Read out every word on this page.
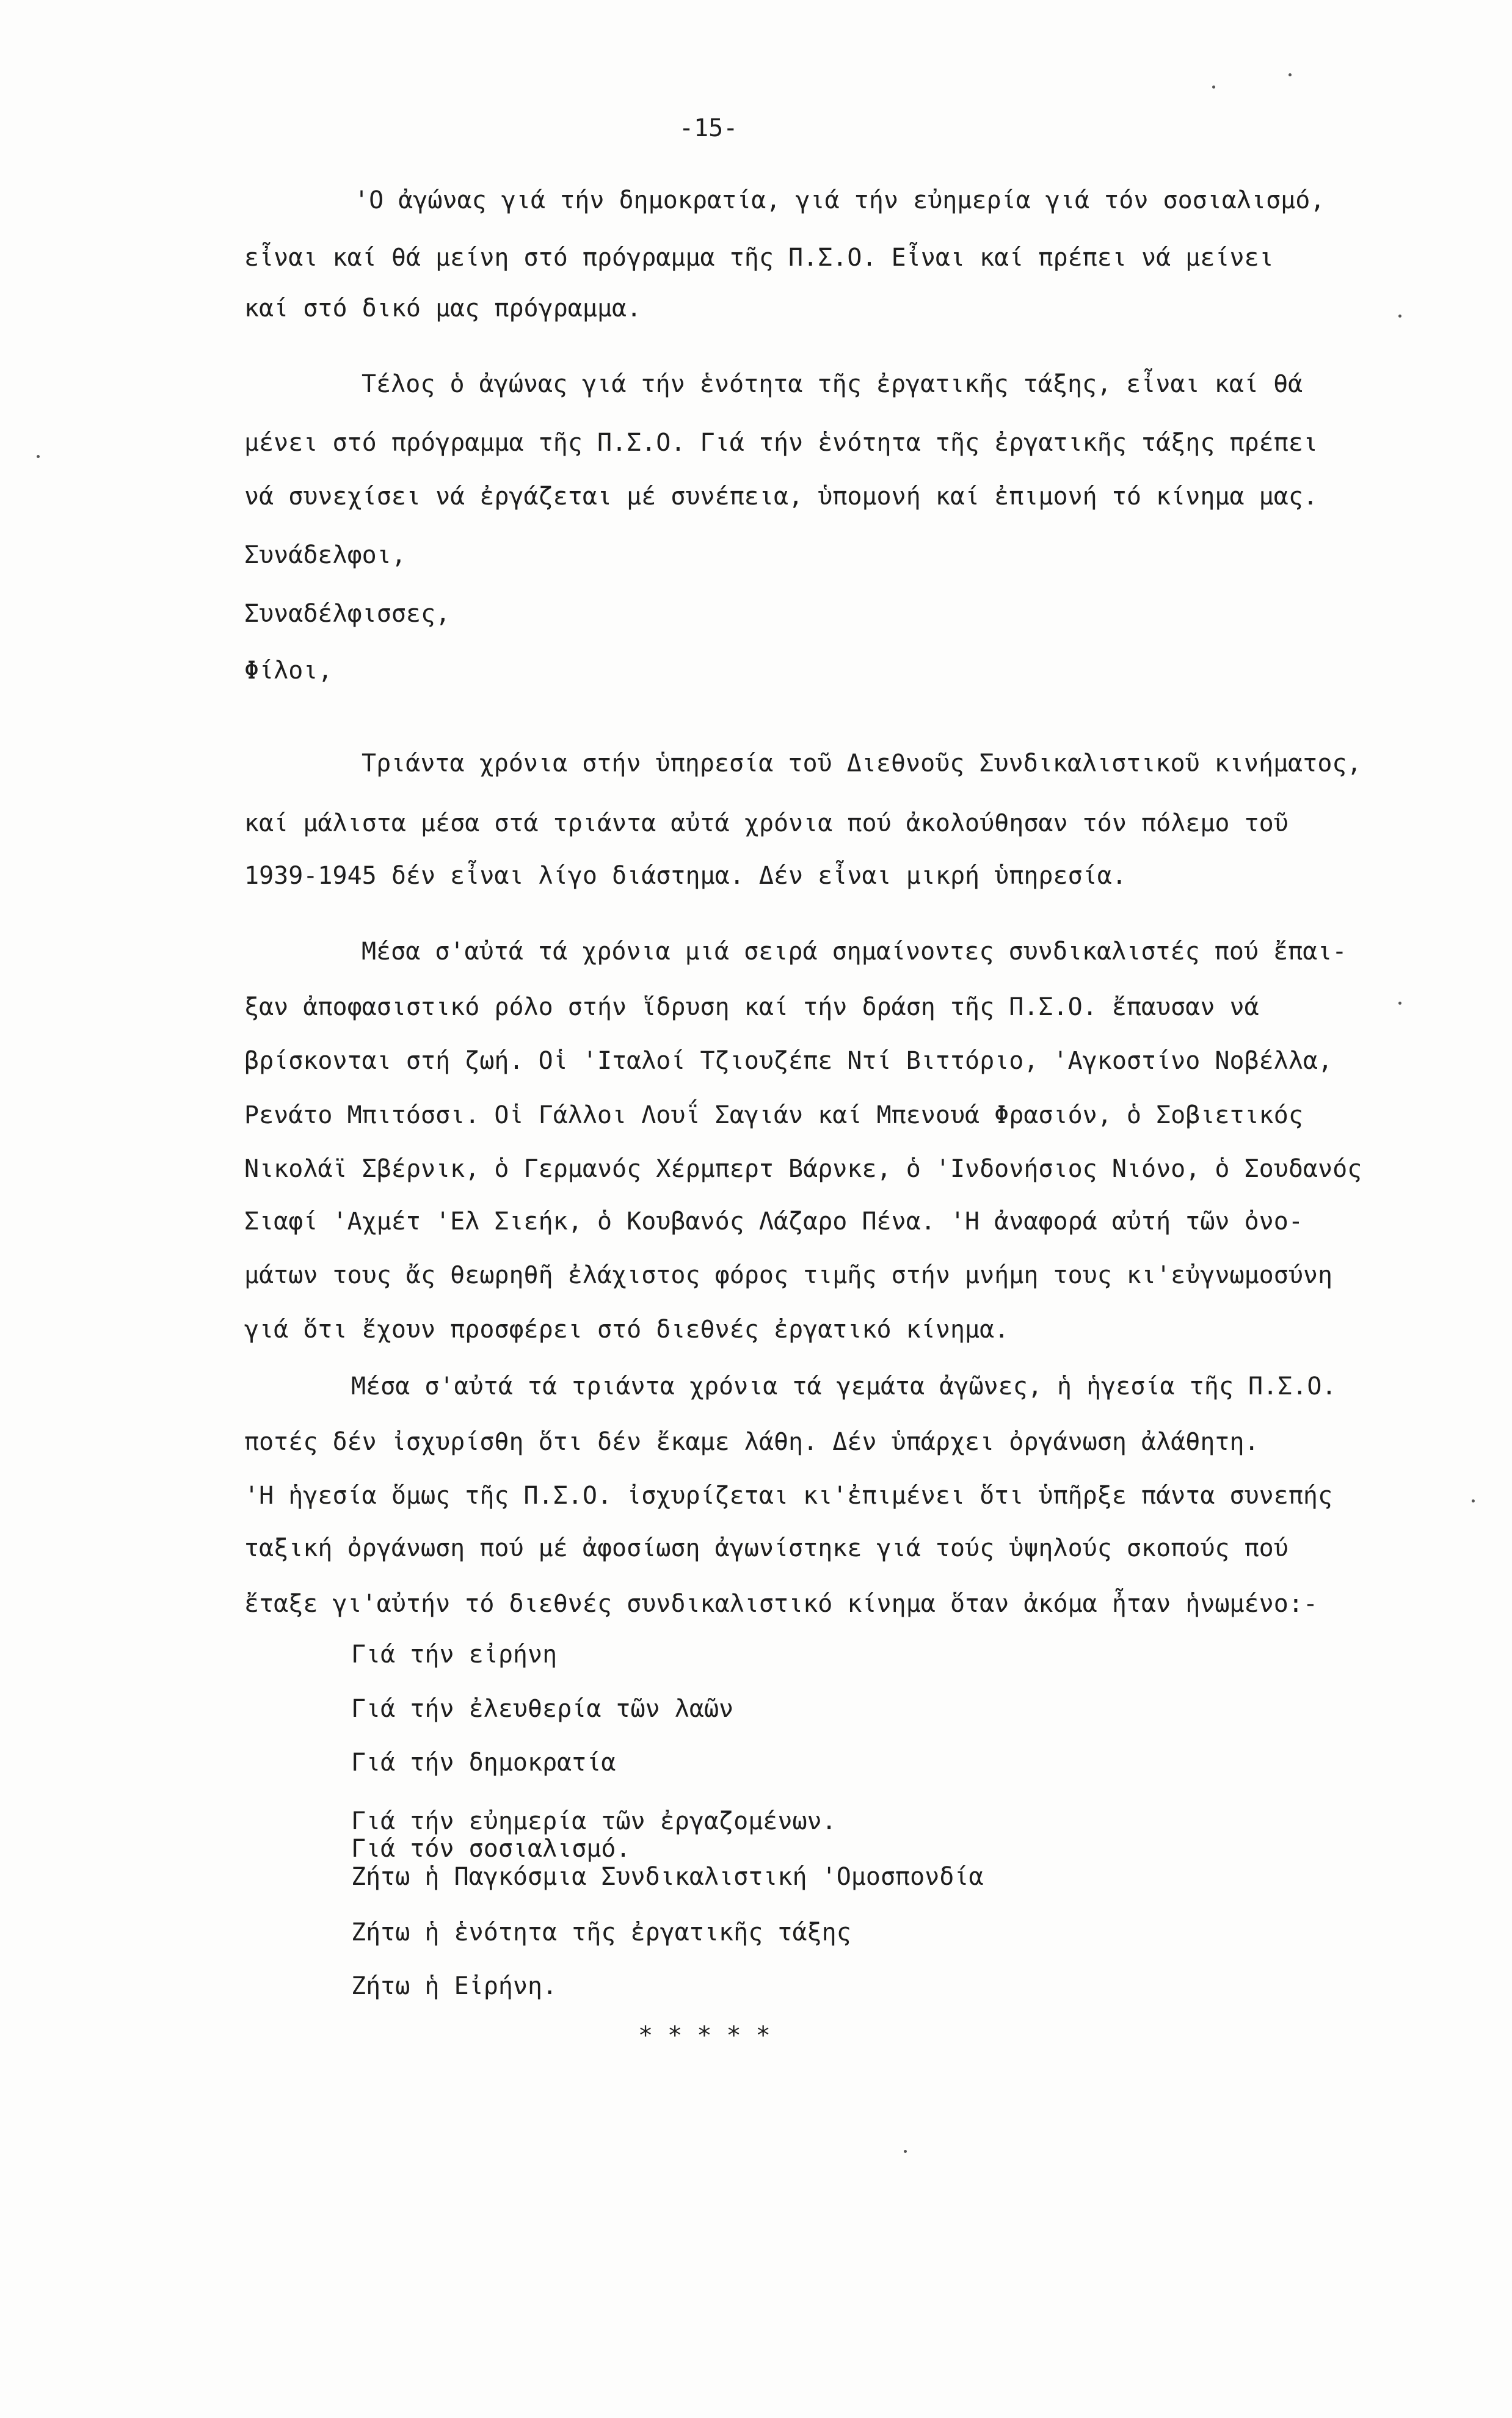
-15-
'Ο ἀγώνας γιά τήν δημοκρατία, γιά τήν εὐημερία γιά τόν σοσιαλισμό,
εἶναι καί θά μείνη στό πρόγραμμα τῆς Π.Σ.Ο. Εἶναι καί πρέπει νά μείνει
καί στό δικό μας πρόγραμμα.
Τέλος ὁ ἀγώνας γιά τήν ἑνότητα τῆς ἐργατικῆς τάξης, εἶναι καί θά
μένει στό πρόγραμμα τῆς Π.Σ.Ο. Γιά τήν ἑνότητα τῆς ἐργατικῆς τάξης πρέπει
νά συνεχίσει νά ἐργάζεται μέ συνέπεια, ὑπομονή καί ἐπιμονή τό κίνημα μας.
Συνάδελφοι,
Συναδέλφισσες,
Φίλοι,
Τριάντα χρόνια στήν ὑπηρεσία τοῦ Διεθνοῦς Συνδικαλιστικοῦ κινήματος,
καί μάλιστα μέσα στά τριάντα αὐτά χρόνια πού ἀκολούθησαν τόν πόλεμο τοῦ
1939-1945 δέν εἶναι λίγο διάστημα. Δέν εἶναι μικρή ὑπηρεσία.
Μέσα σ'αὐτά τά χρόνια μιά σειρά σημαίνοντες συνδικαλιστές πού ἔπαι-
ξαν ἀποφασιστικό ρόλο στήν ἵδρυση καί τήν δράση τῆς Π.Σ.Ο. ἔπαυσαν νά
βρίσκονται στή ζωή. Οἱ 'Ιταλοί Τζιουζέπε Ντί Βιττόριο, 'Αγκοστίνο Νοβέλλα,
Ρενάτο Μπιτόσσι. Οἱ Γάλλοι Λουΐ Σαγιάν καί Μπενουά Φρασιόν, ὁ Σοβιετικός
Νικολάϊ Σβέρνικ, ὁ Γερμανός Χέρμπερτ Βάρνκε, ὁ 'Ινδονήσιος Νιόνο, ὁ Σουδανός
Σιαφί 'Αχμέτ 'Ελ Σιεήκ, ὁ Κουβανός Λάζαρο Πένα. 'Η ἀναφορά αὐτή τῶν ὀνο-
μάτων τους ἄς θεωρηθῆ ἐλάχιστος φόρος τιμῆς στήν μνήμη τους κι'εὐγνωμοσύνη
γιά ὅτι ἔχουν προσφέρει στό διεθνές ἐργατικό κίνημα.
Μέσα σ'αὐτά τά τριάντα χρόνια τά γεμάτα ἀγῶνες, ἡ ἡγεσία τῆς Π.Σ.Ο.
ποτές δέν ἰσχυρίσθη ὅτι δέν ἔκαμε λάθη. Δέν ὑπάρχει ὀργάνωση ἀλάθητη.
'Η ἡγεσία ὅμως τῆς Π.Σ.Ο. ἰσχυρίζεται κι'ἐπιμένει ὅτι ὑπῆρξε πάντα συνεπής
ταξική ὀργάνωση πού μέ ἀφοσίωση ἀγωνίστηκε γιά τούς ὑψηλούς σκοπούς πού
ἔταξε γι'αὐτήν τό διεθνές συνδικαλιστικό κίνημα ὅταν ἀκόμα ἦταν ἡνωμένο:-
Γιά τήν εἰρήνη
Γιά τήν ἐλευθερία τῶν λαῶν
Γιά τήν δημοκρατία
Γιά τήν εὐημερία τῶν ἐργαζομένων.
Γιά τόν σοσιαλισμό.
Ζήτω ἡ Παγκόσμια Συνδικαλιστική 'Ομοσπονδία
Ζήτω ἡ ἑνότητα τῆς ἐργατικῆς τάξης
Ζήτω ἡ Εἰρήνη.
* * * * *
